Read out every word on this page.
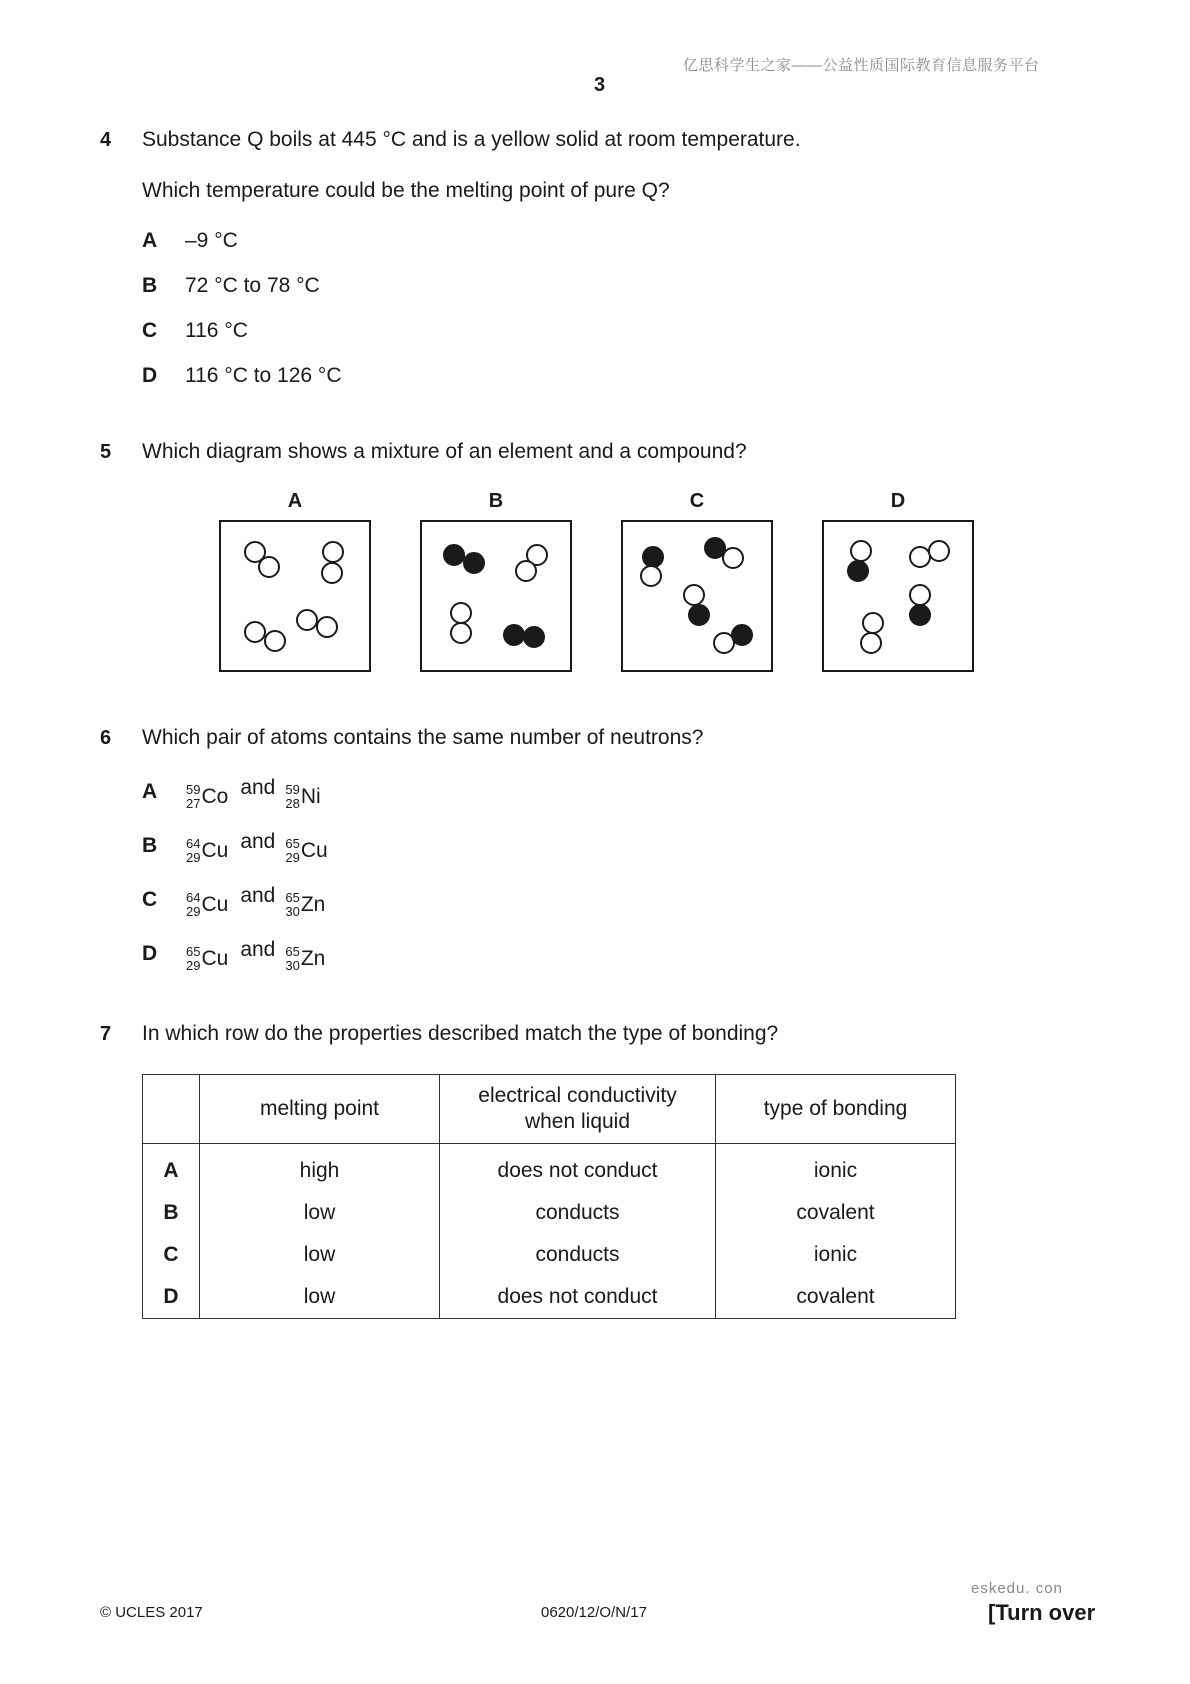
亿思科学生之家——公益性质国际教育信息服务平台
3
4 Substance Q boils at 445 °C and is a yellow solid at room temperature.
Which temperature could be the melting point of pure Q?
A –9 °C
B 72 °C to 78 °C
C 116 °C
D 116 °C to 126 °C
5 Which diagram shows a mixture of an element and a compound?
A	B	C	D
6 Which pair of atoms contains the same number of neutrons?
A 59
27 Co and 59
28 Ni
B 64
29 Cu and 65
29 Cu
C 64
29 Cu and 65
30 Zn
D 65
29 Cu and 65
30 Zn
7 In which row do the properties described match the type of bonding?
	melting point	electrical conductivity when liquid	type of bonding
A	high	does not conduct	ionic
B	low	conducts	covalent
C	low	conducts	ionic
D	low	does not conduct	covalent
© UCLES 2017	0620/12/O/N/17
eskedu. con
[Turn over
